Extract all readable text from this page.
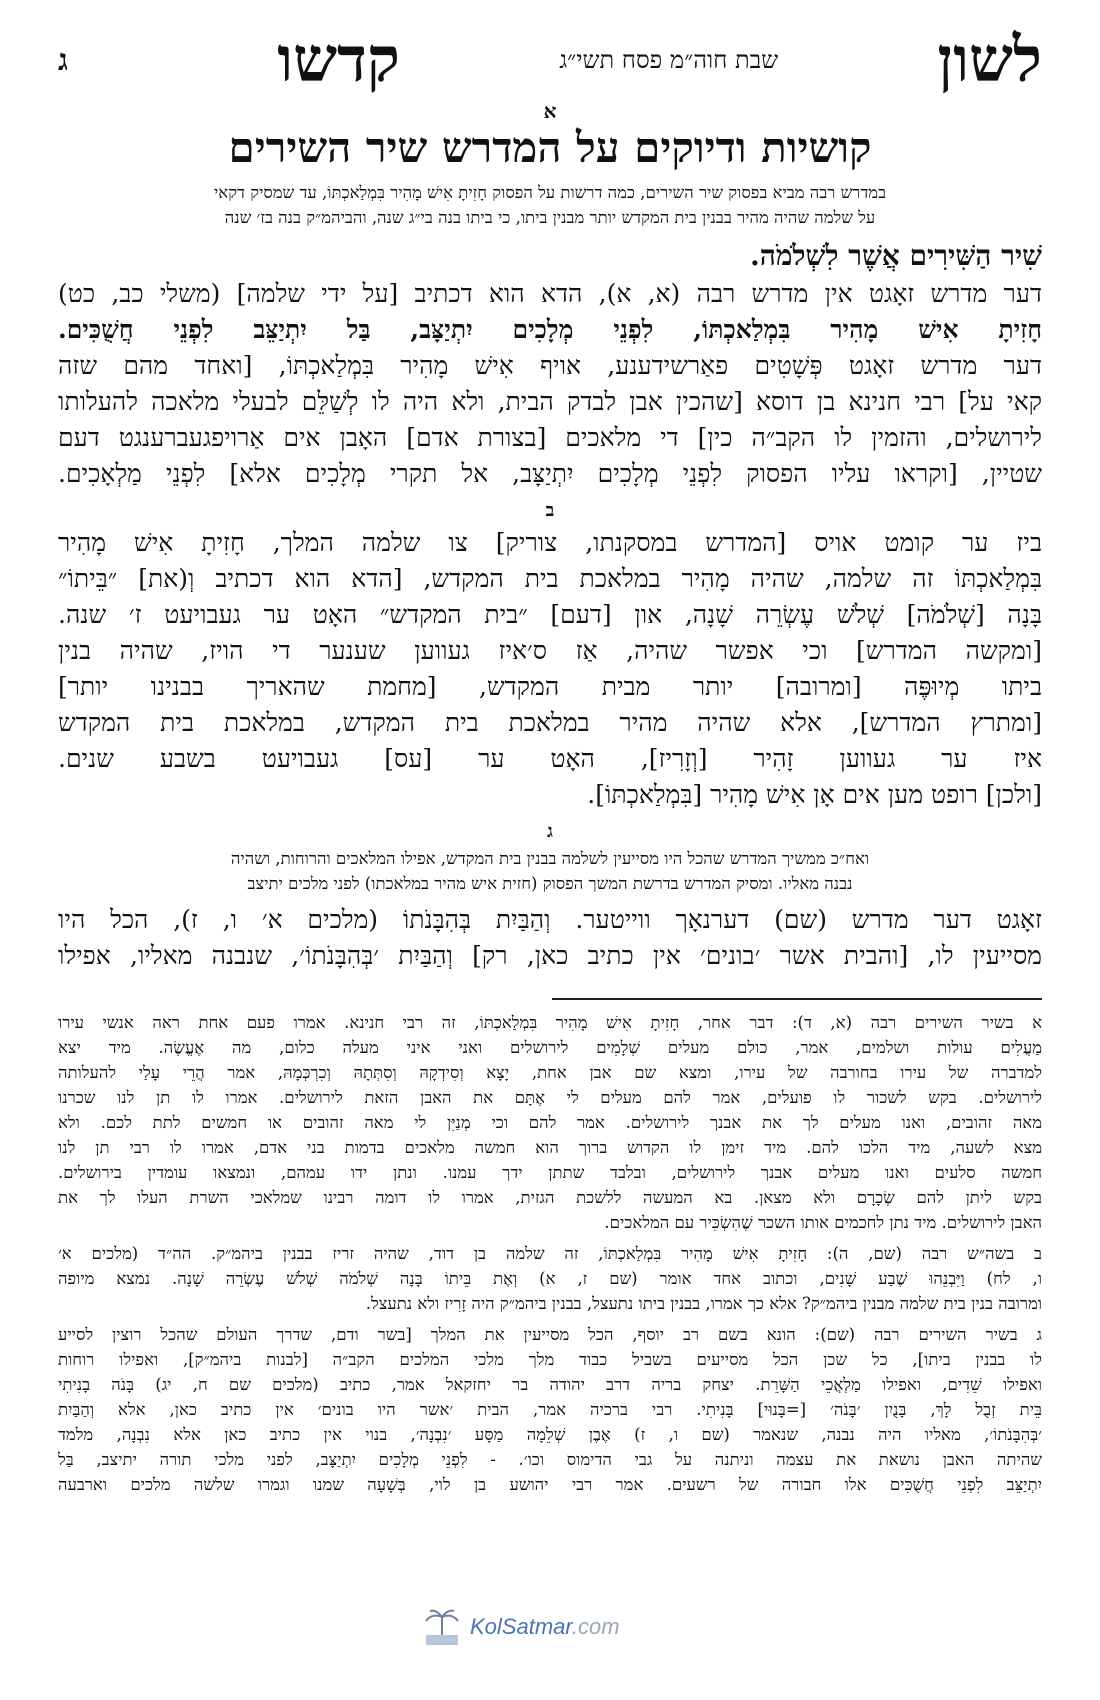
ג	קדשו	שבת חוה״מ פסח תשי״ג	לשון

א

קושיות ודיוקים על המדרש שיר השירים

במדרש רבה מביא בפסוק שיר השירים, כמה דרשות על הפסוק חָזִיתָ אִישׁ מָהִיר בִּמְלַאכְתּוֹ, עד שמסיק דקאי
על שלמה שהיה מהיר בבנין בית המקדש יותר מבנין ביתו, כי ביתו בנה בי״ג שנה, והביהמ״ק בנה בז׳ שנה

שִׁיר הַשִּׁירִים אֲשֶׁר לִשְׁלֹמֹה.

דער מדרש זאָגט אין מדרש רבה (א, א), הדא הוא דכתיב [על ידי שלמה] (משלי כב, כט)

חָזִיתָ אִישׁ מָהִיר בִּמְלַאכְתּוֹ, לִפְנֵי מְלָכִים יִתְיַצָּב, בַּל יִתְיַצֵּב לִפְנֵי חֲשֻׁכִּים.

דער מדרש זאָגט פְּשָׁטִים פאַרשידענע, אויף אִישׁ מָהִיר בִּמְלַאכְתּוֹ, [ואחד מהם שזה

קאי על] רבי חנינא בן דוסא [שהכין אבן לבדק הבית, ולא היה לו לְשַׁלֵּם לבעלי מלאכה להעלותו

לירושלים, והזמין לו הקב״ה כין] די מלאכים [בצורת אדם] האָבן אים אַרויפגעברענגט דעם

שטיין, [וקראו עליו הפסוק לִפְנֵי מְלָכִים יִתְיַצָּב, אל תקרי מְלָכִים אלא] לִפְנֵי מַלְאָכִים.

ב

ביז ער קומט אויס [המדרש במסקנתו, צוריק] צו שלמה המלך, חָזִיתָ אִישׁ מָהִיר

בִּמְלַאכְתּוֹ זה שלמה, שהיה מָהִיר במלאכת בית המקדש, [הדא הוא דכתיב וְ(את] ״בֵּיתוֹ״

בָּנָה [שְׁלֹמֹה] שְׁלֹשׁ עֶשְׂרֵה שָׁנָה, און [דעם] ״בית המקדש״ האָט ער געבויעט ז׳ שנה.

[ומקשה המדרש] וכי אפשר שהיה, אַז ס׳איז געווען שענער די הויז, שהיה בנין

ביתו מְיוּפֶּה [ומרובה] יותר מבית המקדש, [מחמת שהאריך בבנינו יותר]

[ומתרץ המדרש], אלא שהיה מהיר במלאכת בית המקדש, במלאכת בית המקדש

איז ער געווען זָהִיר [וְזָרִיז], האָט ער [עס] געבויעט בשבע שנים.

[ולכן] רופט מען אים אָן אִישׁ מָהִיר [בִּמְלַאכְתּוֹ].

ג

ואח״כ ממשיך המדרש שהכל היו מסייעין לשלמה בבנין בית המקדש, אפילו המלאכים והרוחות, ושהיה
נבנה מאליו. ומסיק המדרש בדרשת המשך הפסוק (חזית איש מהיר במלאכתו) לפני מלכים יתיצב

זאָגט דער מדרש (שם) דערנאָך ווייטער. וְהַבַּיִת בְּהִבָּנֹתוֹ (מלכים א׳ ו, ז), הכל היו

מסייעין לו, [והבית אשר ׳בונים׳ אין כתיב כאן, רק] וְהַבַּיִת ׳בְּהִבָּנֹתוֹ׳, שנבנה מאליו, אפילו

א בשיר השירים רבה (א, ד): דבר אחר, חָזִיתָ אִישׁ מָהִיר בִּמְלַאכְתּוֹ, זה רבי חנינא. אמרו פעם אחת ראה אנשי עירו

מַעֲלִים עולות ושלמים, אמר, כולם מעלים שְׁלָמִים לירושלים ואני איני מעלה כלום, מה אֶעֱשֶׂה. מיד יצא

למדברה של עירו בחורבה של עירו, ומצא שם אבן אחת, יָצָא וְסִידְקָהּ וְסִתְּתָהּ וְכִרְכְּמָהּ, אמר הֲרֵי עָלַי להעלותה

לירושלים. בקש לשכור לו פועלים, אמר להם מעלים לי אֶתָּם את האבן הזאת לירושלים. אמרו לו תן לנו שכרנו

מאה זהובים, ואנו מעלים לך את אבנך לירושלים. אמר להם וכי מְנַיִּן לי מאה זהובים או חמשים לתת לכם. ולא

מצא לשעה, מיד הלכו להם. מיד זימן לו הקדוש ברוך הוא חמשה מלאכים בדמות בני אדם, אמרו לו רבי תן לנו

חמשה סלעים ואנו מעלים אבנך לירושלים, ובלבד שתתן ידך עמנו. ונתן ידו עמהם, ונמצאו עומדין בירושלים.

בקש ליתן להם שְׂכָרָם ולא מצאן. בא המעשה ללשכת הגזית, אמרו לו דומה רבינו שמלאכי השרת העלו לך את

האבן לירושלים. מיד נתן לחכמים אותו השכר שֶׁהִשְׂכִּיר עם המלאכים.

ב בשה״ש רבה (שם, ה): חָזִיתָ אִישׁ מָהִיר בִּמְלַאכְתּוֹ, זה שלמה בן דוד, שהיה זריז בבנין ביהמ״ק. הה״ד (מלכים א׳

ו, לח) וַיִּבְנֵהוּ שֶׁבַע שָׁנִים, וכתוב אחד אומר (שם ז, א) וְאֶת בֵּיתוֹ בָּנָה שְׁלֹמֹה שְׁלֹשׁ עֶשְׂרֵה שָׁנָה. נמצא מיופה

ומרובה בנין בית שלמה מבנין ביהמ״ק? אלא כך אמרו, בבנין ביתו נתעצל, בבנין ביהמ״ק היה זָרִיז ולא נתעצל.

ג בשיר השירים רבה (שם): הונא בשם רב יוסף, הכל מסייעין את המלך [בשר ודם, שדרך העולם שהכל רוצין לסייע

לו בבנין ביתו], כל שכן הכל מסייעים בשביל כבוד מלך מלכי המלכים הקב״ה [לבנות ביהמ״ק], ואפילו רוחות

ואפילו שֵׁדִים, ואפילו מַלְאֲכֵי הַשָּׁרֵת. יצחק בריה דרב יהודה בר יחזקאל אמר, כתיב (מלכים שם ח, יג) בָּנֹה בָנִיתִי

בֵּית זְבֻל לָךְ, בָּנֻיִן ׳בָּנֹה׳ [=בָּנוּי] בָּנִיתִי. רבי ברכיה אמר, הבית ׳אשר היו בונים׳ אין כתיב כאן, אלא וְהַבַּיִת

׳בְּהִבָּנֹתוֹ׳, מאליו היה נבנה, שנאמר (שם ו, ז) אֶבֶן שְׁלֵמָה מַסָּע ׳נִבְנָה׳, בנוי אין כתיב כאן אלא נִבְנָה, מלמד

שהיתה האבן נושאת את עצמה וניתנה על גבי הדימוס וכו׳. - לִפְנֵי מְלָכִים יִתְיַצָּב, לפני מלכי תורה יתיצב, בַּל

יִתְיַצֵּב לִפְנֵי חֲשֻׁכִּים אלו חבורה של רשעים. אמר רבי יהושע בן לוי, בְּשָׁעָה שמנו וגמרו שלשה מלכים וארבעה

KolSatmar.com
